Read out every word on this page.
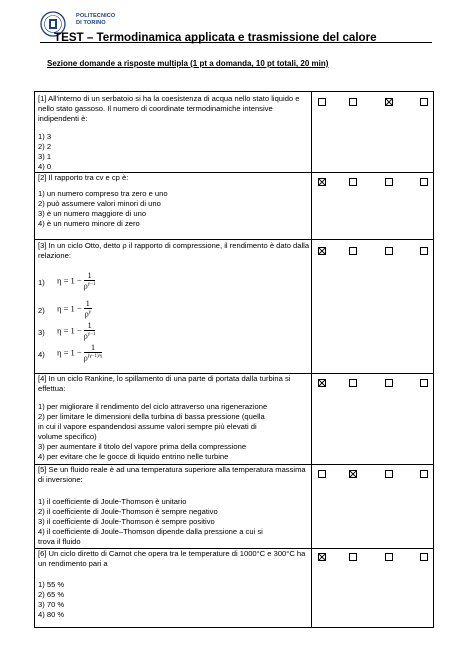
POLITECNICO
DI TORINO
TEST – Termodinamica applicata e trasmissione del calore
Sezione domande a risposte multipla (1 pt a domanda, 10 pt totali, 20 min)
[1] All'interno di un serbatoio si ha la coesistenza di acqua nello stato liquido e nello stato gassoso. Il numero di coordinate termodinamiche intensive indipendenti è:
1) 3
2) 2
3) 1
4) 0
[2] Il rapporto tra cv e cp è:
1) un numero compreso tra zero e uno
2) può assumere valori minori di uno
3) è un numero maggiore di uno
4) è un numero minore di zero
[3] In un ciclo Otto, detto ρ il rapporto di compressione, il rendimento è dato dalla relazione:
1) $\eta = 1 - \frac{1}{\rho^{\gamma-1}}$
2) $\eta = 1 - \frac{1}{\rho^\gamma}$
3) $\eta = 1 - \frac{1}{\rho^{\gamma-1}}$
4) $\eta = 1 - \frac{1}{\rho^{(\gamma-1)/\gamma}}$
[4] In un ciclo Rankine, lo spillamento di una parte di portata dalla turbina si effettua:
1) per migliorare il rendimento del ciclo attraverso una rigenerazione
2) per limitare le dimensioni della turbina di bassa pressione (quella
in cui il vapore espandendosi assume valori sempre più elevati di
volume specifico)
3) per aumentare il titolo del vapore prima della compressione
4) per evitare che le gocce di liquido entrino nelle turbine
[5] Se un fluido reale è ad una temperatura superiore alla temperatura massima di inversione:
1) il coefficiente di Joule-Thomson è unitario
2) il coefficiente di Joule-Thomson è sempre negativo
3) il coefficiente di Joule-Thomson è sempre positivo
4) il coefficiente di Joule–Thomson dipende dalla pressione a cui si
trova il fluido
[6] Un ciclo diretto di Carnot che opera tra le temperature di 1000°C e 300°C ha un rendimento pari a
1) 55 %
2) 65 %
3) 70 %
4) 80 %
